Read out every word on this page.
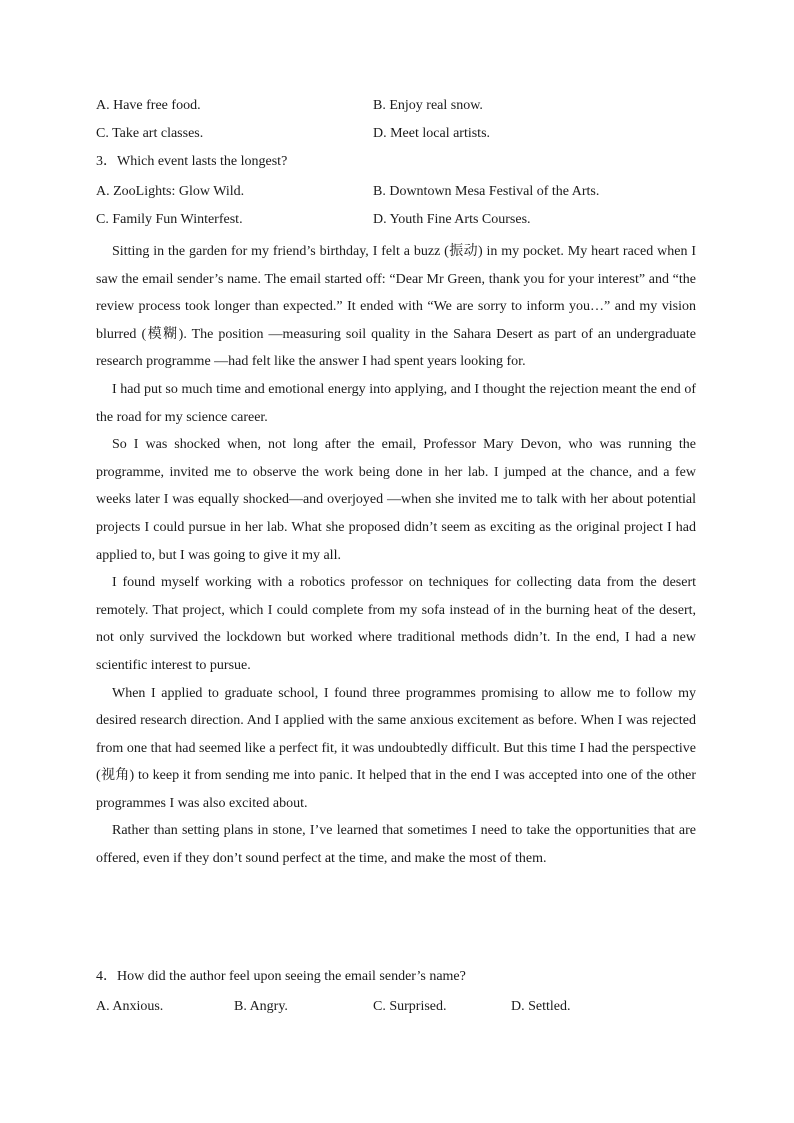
A. Have free food.	B. Enjoy real snow.
C. Take art classes.	D. Meet local artists.
3．Which event lasts the longest?
A. ZooLights: Glow Wild.	B. Downtown Mesa Festival of the Arts.
C. Family Fun Winterfest.	D. Youth Fine Arts Courses.

Sitting in the garden for my friend’s birthday, I felt a buzz (振动) in my pocket. My heart raced when I saw the email sender’s name. The email started off: “Dear Mr Green, thank you for your interest” and “the review process took longer than expected.” It ended with “We are sorry to inform you…” and my vision blurred (模糊). The position —measuring soil quality in the Sahara Desert as part of an undergraduate research programme —had felt like the answer I had spent years looking for.

I had put so much time and emotional energy into applying, and I thought the rejection meant the end of the road for my science career.

So I was shocked when, not long after the email, Professor Mary Devon, who was running the programme, invited me to observe the work being done in her lab. I jumped at the chance, and a few weeks later I was equally shocked—and overjoyed —when she invited me to talk with her about potential projects I could pursue in her lab. What she proposed didn’t seem as exciting as the original project I had applied to, but I was going to give it my all.

I found myself working with a robotics professor on techniques for collecting data from the desert remotely. That project, which I could complete from my sofa instead of in the burning heat of the desert, not only survived the lockdown but worked where traditional methods didn’t. In the end, I had a new scientific interest to pursue.

When I applied to graduate school, I found three programmes promising to allow me to follow my desired research direction. And I applied with the same anxious excitement as before. When I was rejected from one that had seemed like a perfect fit, it was undoubtedly difficult. But this time I had the perspective (视角) to keep it from sending me into panic. It helped that in the end I was accepted into one of the other programmes I was also excited about.

Rather than setting plans in stone, I’ve learned that sometimes I need to take the opportunities that are offered, even if they don’t sound perfect at the time, and make the most of them.

4．How did the author feel upon seeing the email sender’s name?
A. Anxious.	B. Angry.	C. Surprised.	D. Settled.
